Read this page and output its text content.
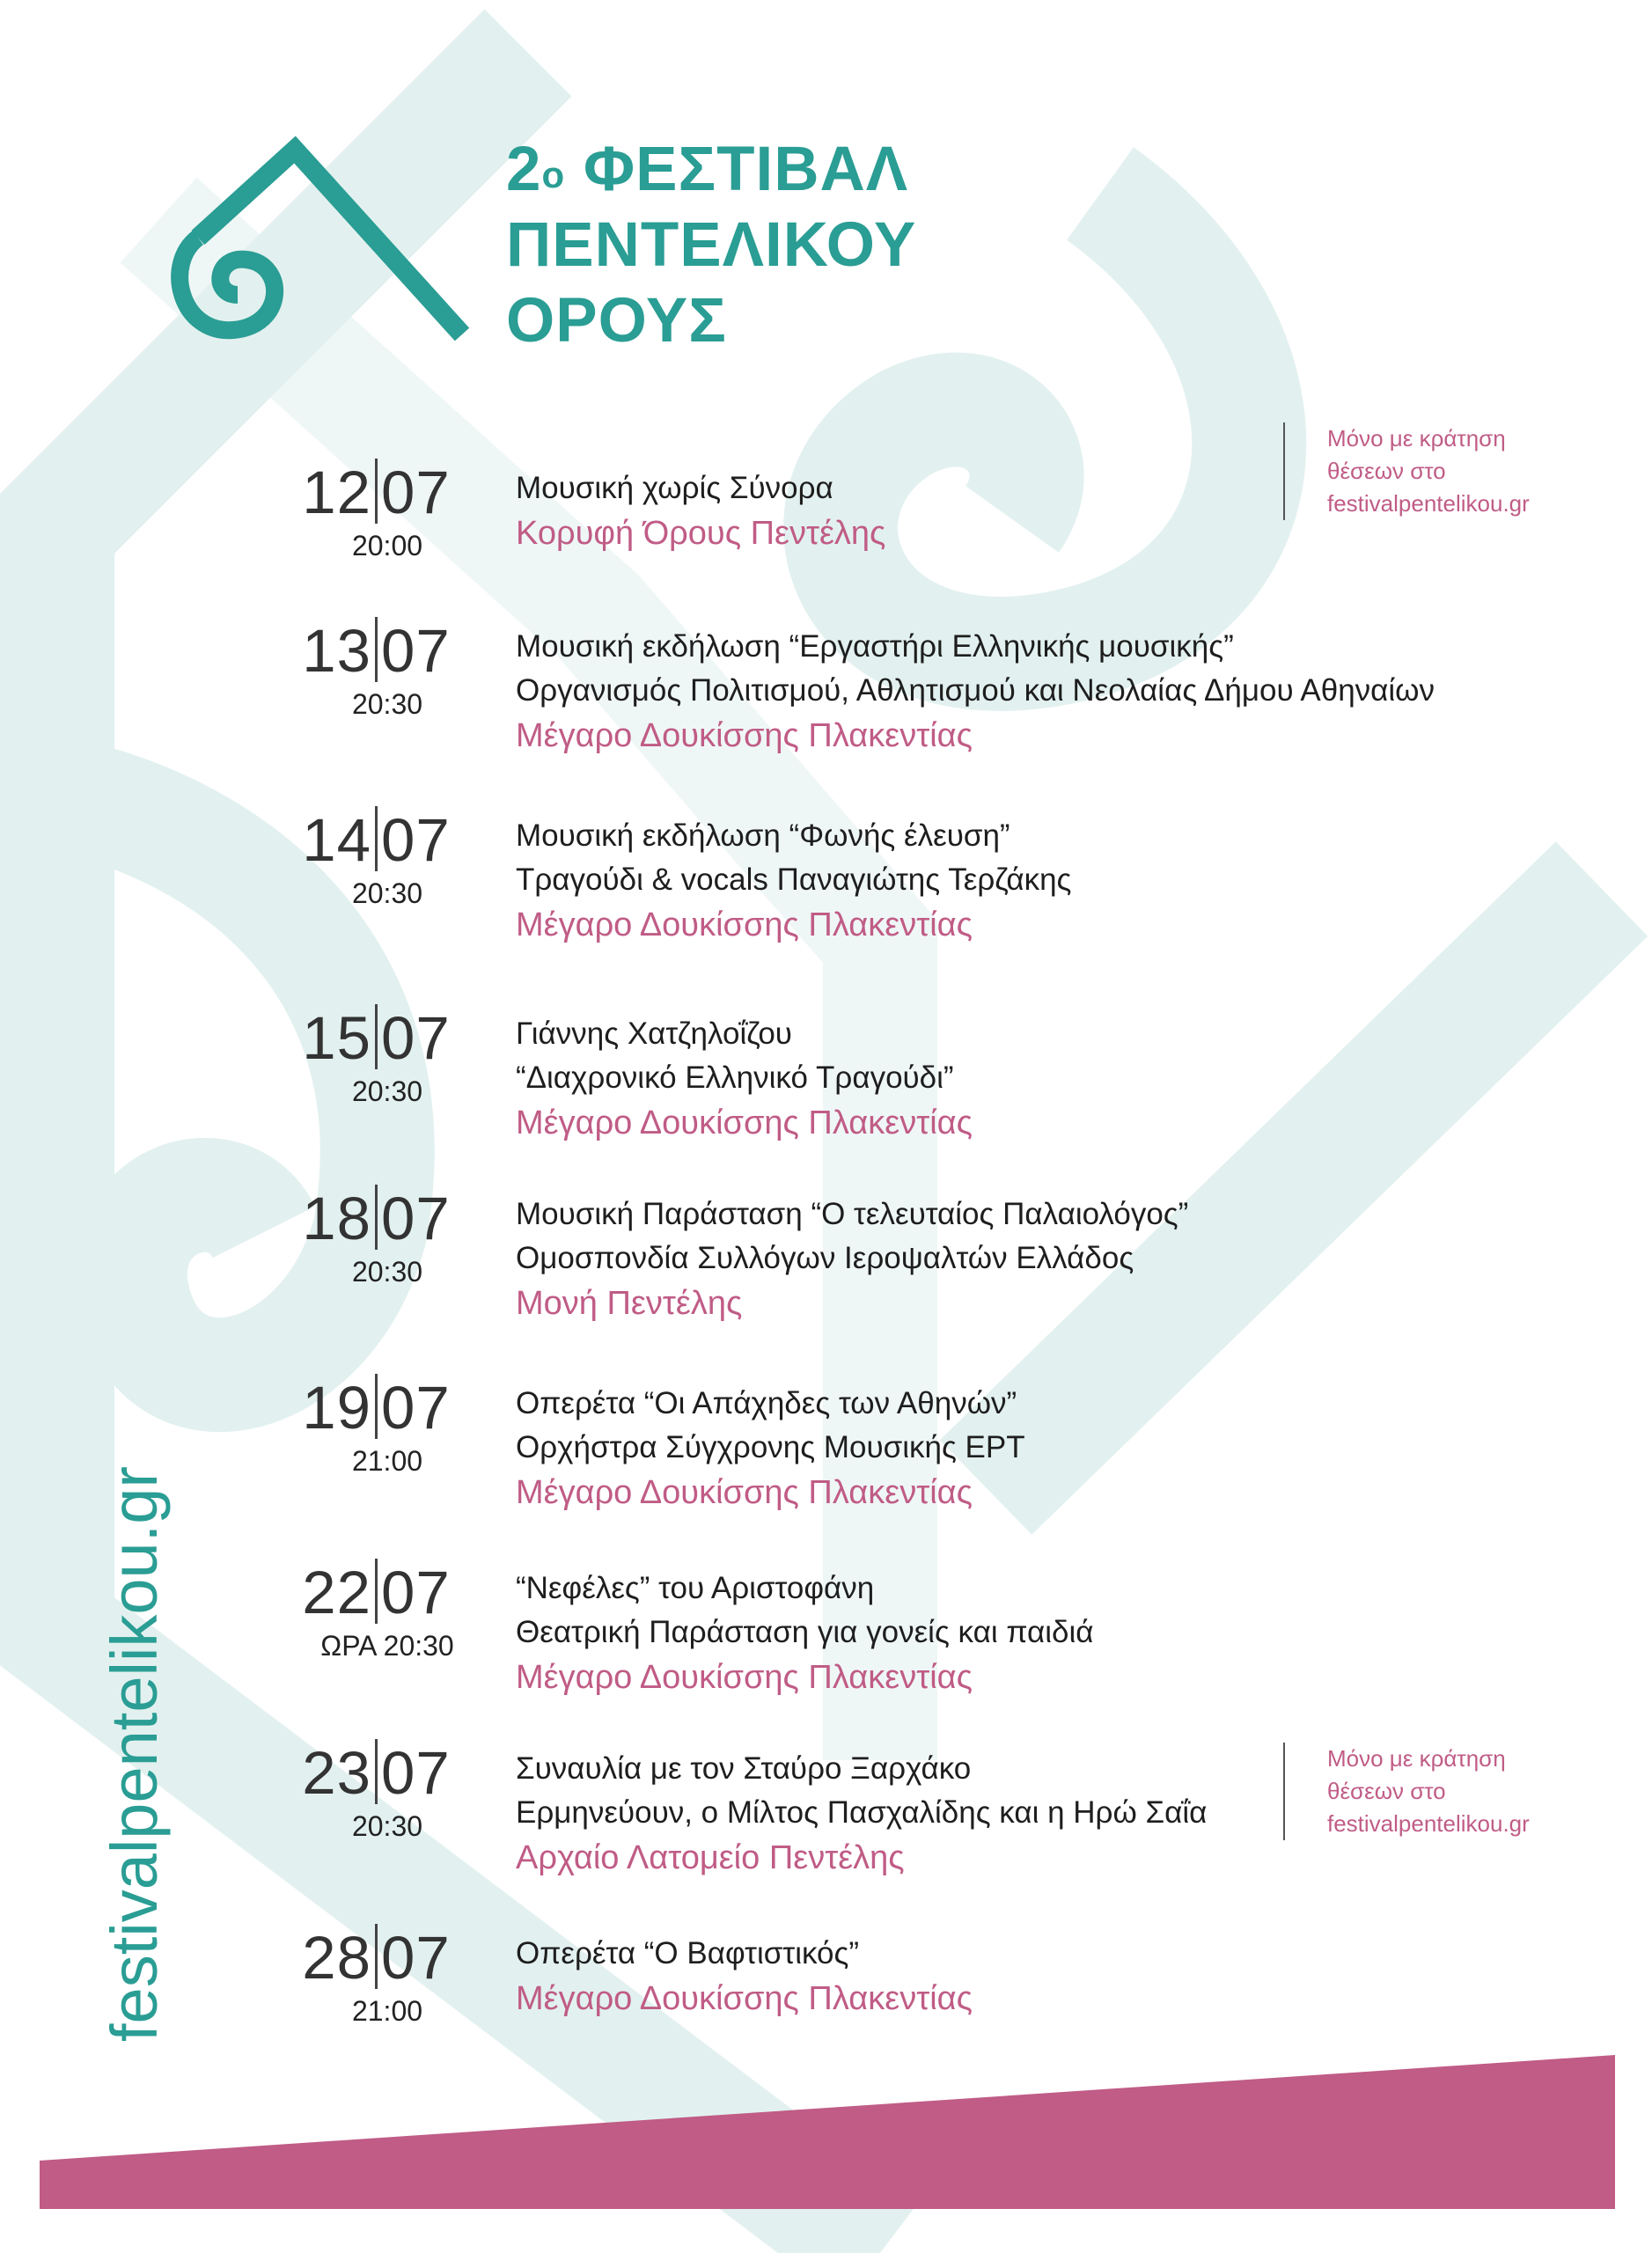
$2^o$ ΦΕΣΤΙΒΑΛ
ΠΕΝΤΕΛΙΚΟΥ
ΟΡΟΥΣ
festivalpentelikou.gr
12 07
20:00
Μουσική χωρίς Σύνορα
Κορυφή Όρους Πεντέλης
13 07
20:30
Μουσική εκδήλωση “Εργαστήρι Ελληνικής μουσικής”
Οργανισμός Πολιτισμού, Αθλητισμού και Νεολαίας Δήμου Αθηναίων
Μέγαρο Δουκίσσης Πλακεντίας
14 07
20:30
Μουσική εκδήλωση “Φωνής έλευση”
Τραγούδι & vocals Παναγιώτης Τερζάκης
Μέγαρο Δουκίσσης Πλακεντίας
15 07
20:30
Γιάννης Χατζηλοΐζου
“Διαχρονικό Ελληνικό Τραγούδι”
Μέγαρο Δουκίσσης Πλακεντίας
18 07
20:30
Μουσική Παράσταση “Ο τελευταίος Παλαιολόγος”
Ομοσπονδία Συλλόγων Ιεροψαλτών Ελλάδος
Μονή Πεντέλης
19 07
21:00
Οπερέτα “Οι Απάχηδες των Αθηνών”
Ορχήστρα Σύγχρονης Μουσικής ΕΡΤ
Μέγαρο Δουκίσσης Πλακεντίας
22 07
ΩΡΑ 20:30
“Νεφέλες” του Αριστοφάνη
Θεατρική Παράσταση για γονείς και παιδιά
Μέγαρο Δουκίσσης Πλακεντίας
23 07
20:30
Συναυλία με τον Σταύρο Ξαρχάκο
Ερμηνεύουν, ο Μίλτος Πασχαλίδης και η Ηρώ Σαΐα
Αρχαίο Λατομείο Πεντέλης
28 07
21:00
Οπερέτα “Ο Βαφτιστικός”
Μέγαρο Δουκίσσης Πλακεντίας
Μόνο με κράτηση
θέσεων στο
festivalpentelikou.gr
Μόνο με κράτηση
θέσεων στο
festivalpentelikou.gr
